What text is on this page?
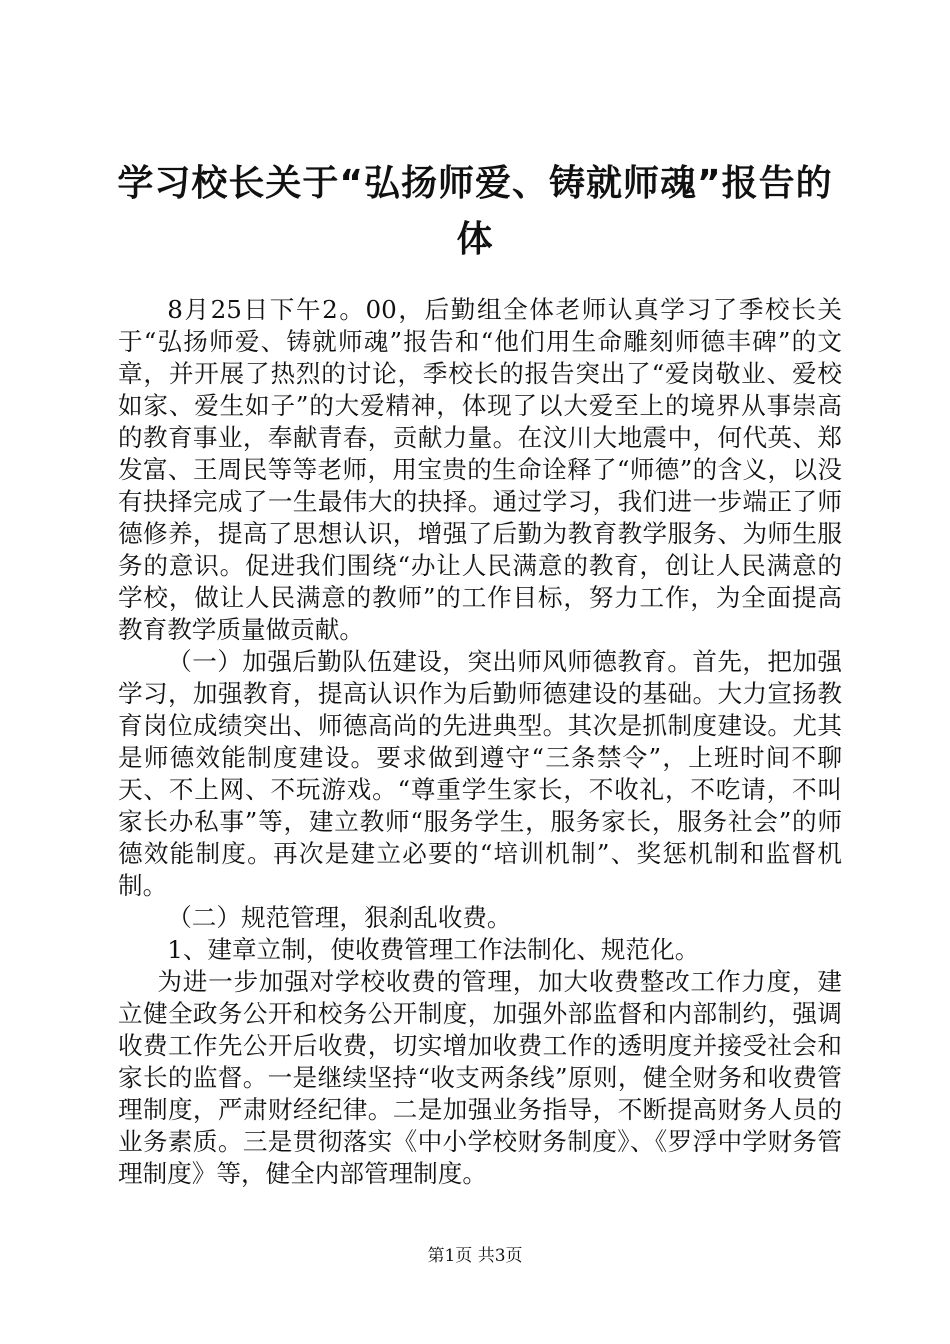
学习校长关于“弘扬师爱、铸就师魂”报告的体

8月25日下午2。00，后勤组全体老师认真学习了季校长关于“弘扬师爱、铸就师魂”报告和“他们用生命雕刻师德丰碑”的文章，并开展了热烈的讨论，季校长的报告突出了“爱岗敬业、爱校如家、爱生如子”的大爱精神，体现了以大爱至上的境界从事崇高的教育事业，奉献青春，贡献力量。在汶川大地震中，何代英、郑发富、王周民等等老师，用宝贵的生命诠释了“师德”的含义，以没有抉择完成了一生最伟大的抉择。通过学习，我们进一步端正了师德修养，提高了思想认识，增强了后勤为教育教学服务、为师生服务的意识。促进我们围绕“办让人民满意的教育，创让人民满意的学校，做让人民满意的教师”的工作目标，努力工作，为全面提高教育教学质量做贡献。

（一）加强后勤队伍建设，突出师风师德教育。首先，把加强学习，加强教育，提高认识作为后勤师德建设的基础。大力宣扬教育岗位成绩突出、师德高尚的先进典型。其次是抓制度建设。尤其是师德效能制度建设。要求做到遵守“三条禁令”，上班时间不聊天、不上网、不玩游戏。“尊重学生家长，不收礼，不吃请，不叫家长办私事”等，建立教师“服务学生，服务家长，服务社会”的师德效能制度。再次是建立必要的“培训机制”、奖惩机制和监督机制。

（二）规范管理，狠刹乱收费。

1、建章立制，使收费管理工作法制化、规范化。

为进一步加强对学校收费的管理，加大收费整改工作力度，建立健全政务公开和校务公开制度，加强外部监督和内部制约，强调收费工作先公开后收费，切实增加收费工作的透明度并接受社会和家长的监督。一是继续坚持“收支两条线”原则，健全财务和收费管理制度，严肃财经纪律。二是加强业务指导，不断提高财务人员的业务素质。三是贯彻落实《中小学校财务制度》、《罗浮中学财务管理制度》等，健全内部管理制度。

第1页 共3页
